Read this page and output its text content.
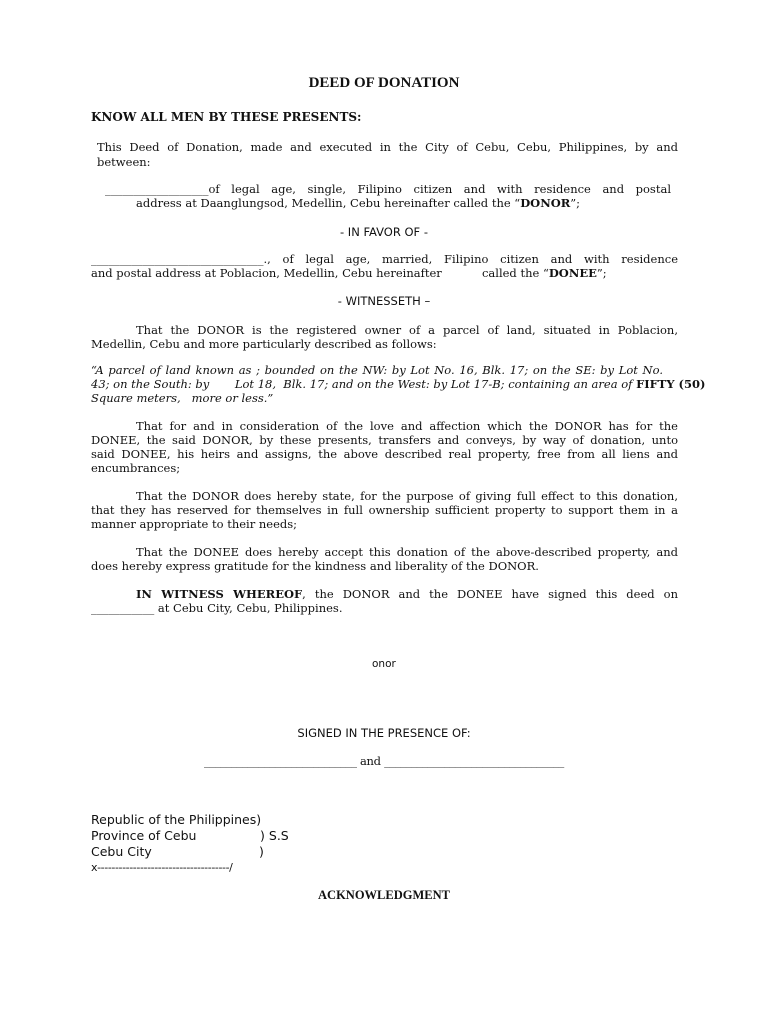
DEED OF DONATION
KNOW ALL MEN BY THESE PRESENTS:
This Deed of Donation, made and executed in the City of Cebu, Cebu, Philippines, by and
between:
__________________of legal age, single, Filipino citizen and with residence and postal
address at Daanglungsod, Medellin, Cebu hereinafter called the “DONOR”;
- IN FAVOR OF -
______________________________., of legal age, married, Filipino citizen and with residence
and postal address at Poblacion, Medellin, Cebu hereinafter           called the “DONEE”;
- WITNESSETH –
That the DONOR is the registered owner of a parcel of land, situated in Poblacion,
Medellin, Cebu and more particularly described as follows:
“A parcel of land known as ; bounded on the NW: by Lot No. 16, Blk. 17; on the SE: by Lot No.
43; on the South: by       Lot 18,  Blk. 17; and on the West: by Lot 17-B; containing an area of FIFTY (50)
Square meters,   more or less.”
That for and in consideration of the love and affection which the DONOR has for the
DONEE, the said DONOR, by these presents, transfers and conveys, by way of donation, unto
said DONEE, his heirs and assigns, the above described real property, free from all liens and
encumbrances;
That the DONOR does hereby state, for the purpose of giving full effect to this donation,
that they has reserved for themselves in full ownership sufficient property to support them in a
manner appropriate to their needs;
That the DONEE does hereby accept this donation of the above-described property, and
does hereby express gratitude for the kindness and liberality of the DONOR.
IN WITNESS WHEREOF, the DONOR and the DONEE have signed this deed on
___________ at Cebu City, Cebu, Philippines.
onor
SIGNED IN THE PRESENCE OF:
____________________________ and _________________________________
Republic of the Philippines)
Province of Cebu                ) S.S
Cebu City                           )
x-------------------------------------/
ACKNOWLEDGMENT
